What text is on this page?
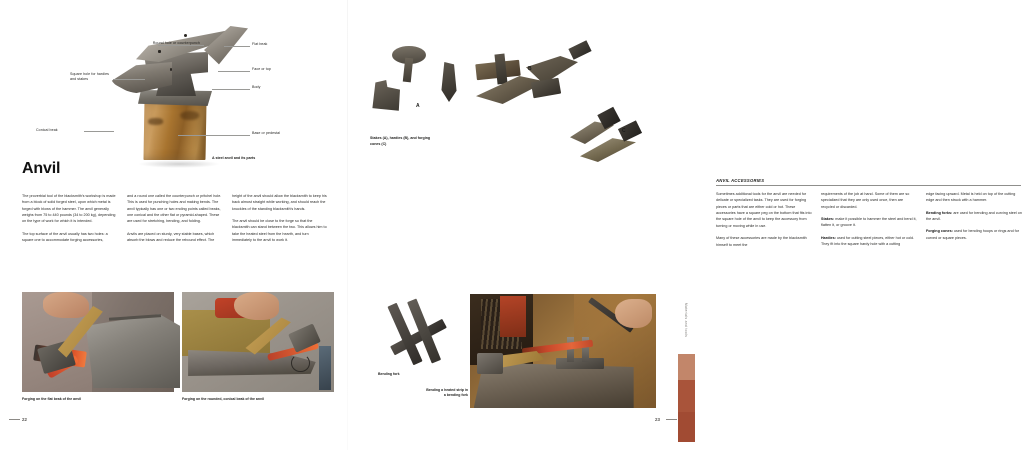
Round hole or counterpunch
Square hole for hardies and stakes
Conical beak
Flat beak
Face or top
Body
Base or pedestal
A steel anvil and its parts
Anvil

The proverbial tool of the blacksmith's workshop is made from a block of solid forged steel, upon which metal is forged with blows of the hammer. The anvil generally weighs from 75 to 440 pounds (34 to 200 kg), depending on the type of work for which it is intended.

The top surface of the anvil usually has two holes: a square one to accommodate forging accessories,

and a round one called the counterpunch or pritchel hole. This is used for punching holes and making bends. The anvil typically has one or two ending points called beaks, one conical and the other flat or pyramid-shaped. These are used for stretching, bending, and folding.

Anvils are placed on sturdy, very stable bases, which absorb the blows and reduce the rebound effect. The

height of the anvil should allow the blacksmith to keep his back almost straight while working, and should reach the knuckles of the standing blacksmith's hands.

The anvil should be close to the forge so that the blacksmith can stand between the two. This allows him to take the heated steel from the hearth, and turn immediately to the anvil to work it.

Forging on the flat beak of the anvil	Forging on the rounded, conical beak of the anvil
22
A
B
C
Stakes (A), hardies (B), and forging cones (C)
ANVIL ACCESSORIES

Sometimes additional tools for the anvil are needed for delicate or specialized tasks. They are used for forging pieces or parts that are either cold or hot. These accessories have a square peg on the bottom that fits into the square hole of the anvil to keep the accessory from turning or moving while in use.

Many of these accessories are made by the blacksmith himself to meet the

requirements of the job at hand. Some of them are so specialized that they are only used once, then are recycled or discarded.

Stakes: make it possible to hammer the steel and bend it, flatten it, or groove it.

Hardies: used for cutting steel pieces, either hot or cold. They fit into the square hardy hole with a cutting

edge facing upward. Metal is held on top of the cutting edge and then struck with a hammer.

Bending forks: are used for bending and curving steel on the anvil.

Forging cones: used for bending hoops or rings and for curved or square pieces.

Bending fork
Bending a heated strip in a bending fork
Materials and tools
23
